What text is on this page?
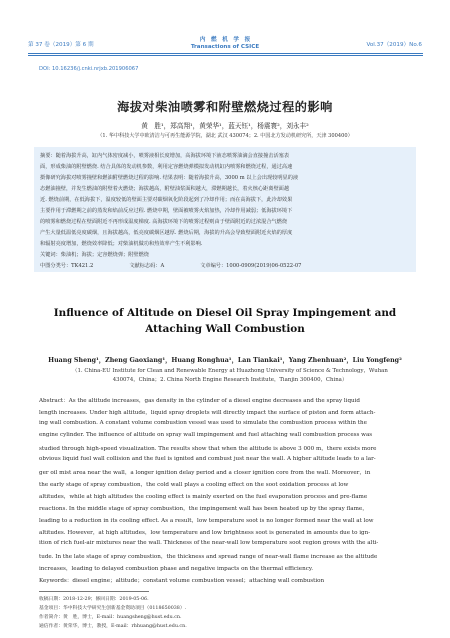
第 37 卷（2019）第 6 期
内　燃　机　学　报
Transactions of CSICE	Vol.37（2019）No.6
DOI: 10.16236/j.cnki.nrjxb.201906067
海拔对柴油喷雾和附壁燃烧过程的影响
黄　胜¹，郑高翔¹，黄荣华¹，蓝天钰¹，杨震寰²，刘永丰²
（1. 华中科技大学中欧清洁与可再生能源学院，湖北 武汉 430074；2. 中国北方发动机研究所，天津 300400）
摘要：随着海拔升高，缸内气体密度减小，喷雾液相长度增加，高海拔环境下液态喷雾油滴会直接撞击活塞表
面，形成柴油的附壁燃烧. 结合具体的发动机参数，利用定容燃烧弹模拟发动机缸内喷雾和燃烧过程，通过高速
摄像研究海拔对喷雾撞壁和燃油附壁燃烧过程的影响. 结果表明：随着海拔升高，3000 m 以上会出现较明显的液
态燃油撞壁，并发生燃油的附壁着火燃烧；海拔越高，附壁油浆面积越大，滞燃期越长，着火核心距离壁面越
近. 燃烧前期，在低海拔下，温度较低的壁面主要对碳烟氧化阶段起到了冷却作用；而在高海拔下，此冷却效果
主要作用于滞燃期之前的蒸发和焰前反应过程. 燃烧中期，壁面被喷雾火焰加热，冷却作用减弱；低海拔环境下
的喷雾和燃烧过程在壁面附近不再形成温度梯度. 高海拔环境下的喷雾过程则由于壁面附近的过浓混合气燃烧
产生大量低温低亮度碳烟，且海拔越高，低亮度碳烟区越厚. 燃烧后期，海拔的升高会导致壁面附近火焰的厚度
和辐射亮度增加，燃烧效率降低；对柴油机做功和热效率产生不利影响.
关键词：柴油机；海拔；定容燃烧弹；附壁燃烧
中图分类号：TK421.2	文献标志码：A	文章编号：1000-0909(2019)06-0522-07
Influence of Altitude on Diesel Oil Spray Impingement and
Attaching Wall Combustion
Huang Sheng¹，Zheng Gaoxiang¹，Huang Ronghua¹，Lan Tiankai¹，Yang Zhenhuan²，Liu Yongfeng²
（1. China-EU Institute for Clean and Renewable Energy at Huazhong University of Science & Technology，Wuhan
430074，China；2. China North Engine Research Institute，Tianjin 300400，China）
Abstract：As the altitude increases，gas density in the cylinder of a diesel engine decreases and the spray liquid
length increases. Under high altitude，liquid spray droplets will directly impact the surface of piston and form attach-
ing wall combustion. A constant volume combustion vessel was used to simulate the combustion process within the
engine cylinder. The influence of altitude on spray wall impingement and fuel attaching wall combustion process was
studied through high-speed visualization. The results show that when the altitude is above 3 000 m，there exists more
obvious liquid fuel wall collision and the fuel is ignited and combust just near the wall. A higher altitude leads to a lar-
ger oil mist area near the wall，a longer ignition delay period and a closer ignition core from the wall. Moreover，in
the early stage of spray combustion，the cold wall plays a cooling effect on the soot oxidation process at low
altitudes，while at high altitudes the cooling effect is mainly exerted on the fuel evaporation process and pre-flame
reactions. In the middle stage of spray combustion，the impingement wall has been heated up by the spray flame，
leading to a reduction in its cooling effect. As a result，low temperature soot is no longer formed near the wall at low
altitudes. However，at high altitudes，low temperature and low brightness soot is generated in amounts due to ign-
ition of rich fuel-air mixtures near the wall. Thickness of the near-wall low temperature soot region grows with the alti-
tude. In the late stage of spray combustion，the thickness and spread range of near-wall flame increase as the altitude
increases，leading to delayed combustion phase and negative impacts on the thermal efficiency.
Keywords：diesel engine；altitude；constant volume combustion vessel；attaching wall combustion
收稿日期：2018-12-29；修回日期：2019-05-06.
基金项目：华中科技大学研究生创新基金资助项目（0118650038）.
作者简介：黄　胜，博士，E-mail：huangsheng@hust.edu.cn.
通信作者：黄荣华，博士，教授，E-mail：rhhuang@hust.edu.cn.
